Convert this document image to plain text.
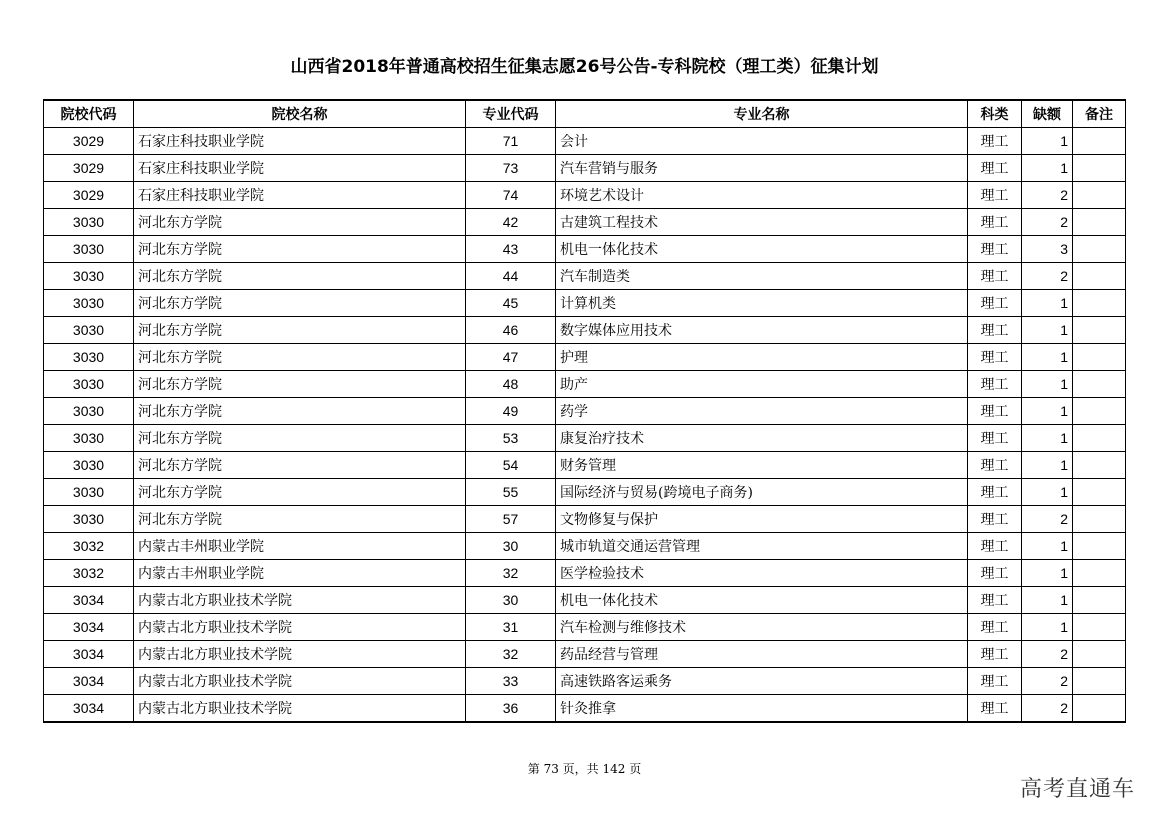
山西省2018年普通高校招生征集志愿26号公告-专科院校（理工类）征集计划
院校代码	院校名称	专业代码	专业名称	科类	缺额	备注
3029	石家庄科技职业学院	71	会计	理工	1	
3029	石家庄科技职业学院	73	汽车营销与服务	理工	1	
3029	石家庄科技职业学院	74	环境艺术设计	理工	2	
3030	河北东方学院	42	古建筑工程技术	理工	2	
3030	河北东方学院	43	机电一体化技术	理工	3	
3030	河北东方学院	44	汽车制造类	理工	2	
3030	河北东方学院	45	计算机类	理工	1	
3030	河北东方学院	46	数字媒体应用技术	理工	1	
3030	河北东方学院	47	护理	理工	1	
3030	河北东方学院	48	助产	理工	1	
3030	河北东方学院	49	药学	理工	1	
3030	河北东方学院	53	康复治疗技术	理工	1	
3030	河北东方学院	54	财务管理	理工	1	
3030	河北东方学院	55	国际经济与贸易(跨境电子商务)	理工	1	
3030	河北东方学院	57	文物修复与保护	理工	2	
3032	内蒙古丰州职业学院	30	城市轨道交通运营管理	理工	1	
3032	内蒙古丰州职业学院	32	医学检验技术	理工	1	
3034	内蒙古北方职业技术学院	30	机电一体化技术	理工	1	
3034	内蒙古北方职业技术学院	31	汽车检测与维修技术	理工	1	
3034	内蒙古北方职业技术学院	32	药品经营与管理	理工	2	
3034	内蒙古北方职业技术学院	33	高速铁路客运乘务	理工	2	
3034	内蒙古北方职业技术学院	36	针灸推拿	理工	2	
第 73 页，共 142 页
高考直通车
